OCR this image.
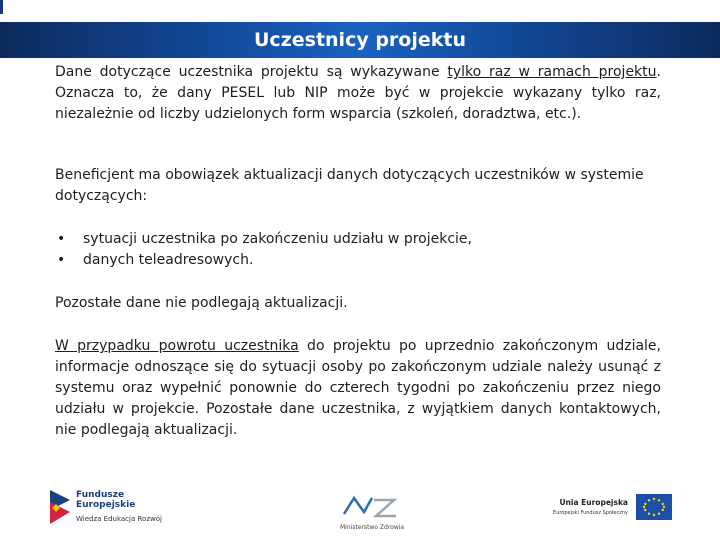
Uczestnicy projektu

Dane dotyczące uczestnika projektu są wykazywane tylko raz w ramach projektu. Oznacza to, że dany PESEL lub NIP może być w projekcie wykazany tylko raz, niezależnie od liczby udzielonych form wsparcia (szkoleń, doradztwa, etc.).

Beneficjent ma obowiązek aktualizacji danych dotyczących uczestników w systemie dotyczących:

• sytuacji uczestnika po zakończeniu udziału w projekcie,
• danych teleadresowych.

Pozostałe dane nie podlegają aktualizacji.

W przypadku powrotu uczestnika do projektu po uprzednio zakończonym udziale, informacje odnoszące się do sytuacji osoby po zakończonym udziale należy usunąć z systemu oraz wypełnić ponownie do czterech tygodni po zakończeniu przez niego udziału w projekcie. Pozostałe dane uczestnika, z wyjątkiem danych kontaktowych, nie podlegają aktualizacji.

Fundusze
Europejskie
Wiedza Edukacja Rozwój
Ministerstwo Zdrowia
Unia Europejska
Europejski Fundusz Społeczny
